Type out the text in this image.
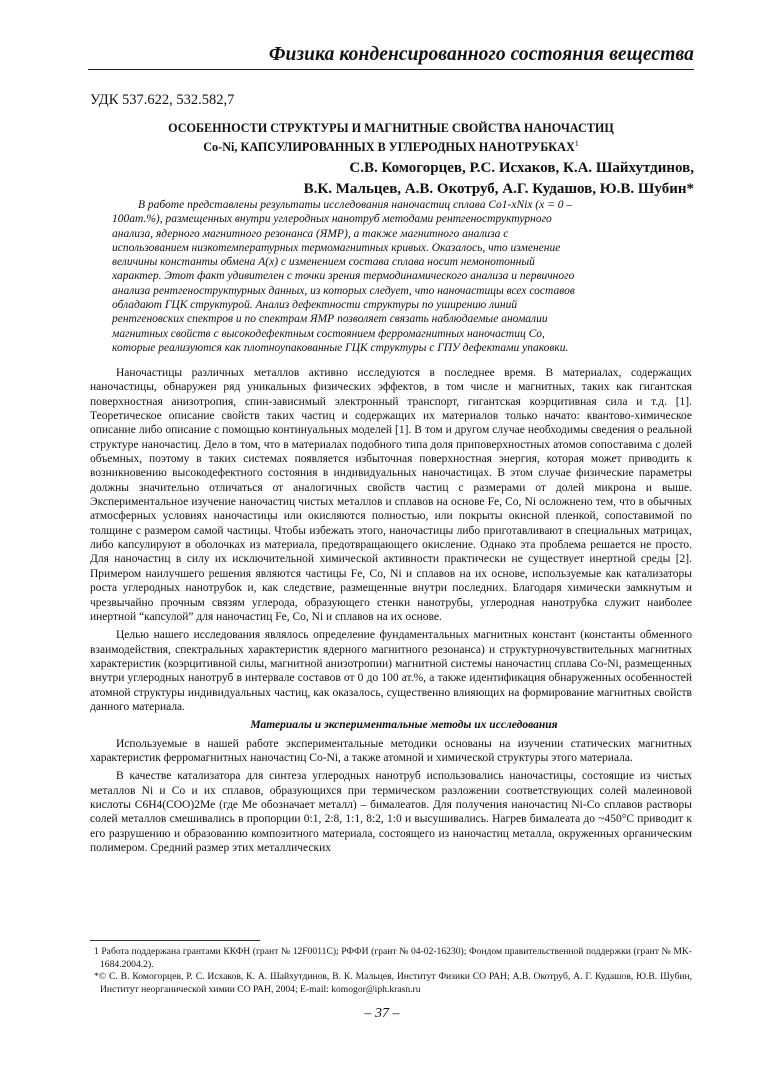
Физика конденсированного состояния вещества
УДК 537.622, 532.582,7
ОСОБЕННОСТИ СТРУКТУРЫ И МАГНИТНЫЕ СВОЙСТВА НАНОЧАСТИЦ
Co-Ni, КАПСУЛИРОВАННЫХ В УГЛЕРОДНЫХ НАНОТРУБКАХ$^1$
С.В. Комогорцев, Р.С. Исхаков, К.А. Шайхутдинов,
В.К. Мальцев, А.В. Окотруб, А.Г. Кудашов, Ю.В. Шубин*
В работе представлены результаты исследования наночастиц сплава Co1-xNix (x = 0 –
100ат.%), размещенных внутри углеродных нанотруб методами рентгеноструктурного
анализа, ядерного магнитного резонанса (ЯМР), а также магнитного анализа с
использованием низкотемпературных термомагнитных кривых. Оказалось, что изменение
величины константы обмена A(x) с изменением состава сплава носит немонотонный
характер. Этот факт удивителен с точки зрения термодинамического анализа и первичного
анализа рентгеноструктурных данных, из которых следует, что наночастицы всех составов
обладают ГЦК структурой. Анализ дефектности структуры по уширению линий
рентгеновских спектров и по спектрам ЯМР позволяет связать наблюдаемые аномалии
магнитных свойств с высокодефектным состоянием ферромагнитных наночастиц Co,
которые реализуются как плотноупакованные ГЦК структуры с ГПУ дефектами упаковки.

Наночастицы различных металлов активно исследуются в последнее время. В материалах, содержащих наночастицы, обнаружен ряд уникальных физических эффектов, в том числе и магнитных, таких как гигантская поверхностная анизотропия, спин-зависимый электронный транспорт, гигантская коэрцитивная сила и т.д. [1]. Теоретическое описание свойств таких частиц и содержащих их материалов только начато: квантово-химическое описание либо описание с помощью континуальных моделей [1]. В том и другом случае необходимы сведения о реальной структуре наночастиц. Дело в том, что в материалах подобного типа доля приповерхностных атомов сопоставима с долей объемных, поэтому в таких системах появляется избыточная поверхностная энергия, которая может приводить к возникновению высокодефектного состояния в индивидуальных наночастицах. В этом случае физические параметры должны значительно отличаться от аналогичных свойств частиц с размерами от долей микрона и выше. Экспериментальное изучение наночастиц чистых металлов и сплавов на основе Fe, Co, Ni осложнено тем, что в обычных атмосферных условиях наночастицы или окисляются полностью, или покрыты окисной пленкой, сопоставимой по толщине с размером самой частицы. Чтобы избежать этого, наночастицы либо приготавливают в специальных матрицах, либо капсулируют в оболочках из материала, предотвращающего окисление. Однако эта проблема решается не просто. Для наночастиц в силу их исключительной химической активности практически не существует инертной среды [2]. Примером наилучшего решения являются частицы Fe, Co, Ni и сплавов на их основе, используемые как катализаторы роста углеродных нанотрубок и, как следствие, размещенные внутри последних. Благодаря химически замкнутым и чрезвычайно прочным связям углерода, образующего стенки нанотрубы, углеродная нанотрубка служит наиболее инертной “капсулой” для наночастиц Fe, Co, Ni и сплавов на их основе.

Целью нашего исследования являлось определение фундаментальных магнитных констант (константы обменного взаимодействия, спектральных характеристик ядерного магнитного резонанса) и структурночувствительных магнитных характеристик (коэрцитивной силы, магнитной анизотропии) магнитной системы наночастиц сплава Co-Ni, размещенных внутри углеродных нанотруб в интервале составов от 0 до 100 ат.%, а также идентификация обнаруженных особенностей атомной структуры индивидуальных частиц, как оказалось, существенно влияющих на формирование магнитных свойств данного материала.

Материалы и экспериментальные методы их исследования

Используемые в нашей работе экспериментальные методики основаны на изучении статических магнитных характеристик ферромагнитных наночастиц Co-Ni, а также атомной и химической структуры этого материала.

В качестве катализатора для синтеза углеродных нанотруб использовались наночастицы, состоящие из чистых металлов Ni и Co и их сплавов, образующихся при термическом разложении соответствующих солей малеиновой кислоты C6H4(COO)2Me (где Me обозначает металл) – бималеатов. Для получения наночастиц Ni-Co сплавов растворы солей металлов смешивались в пропорции 0:1, 2:8, 1:1, 8:2, 1:0 и высушивались. Нагрев бималеата до ~450°C приводит к его разрушению и образованию композитного материала, состоящего из наночастиц металла, окруженных органическим полимером. Средний размер этих металлических

1 Работа поддержана грантами ККФН (грант № 12F0011C); РФФИ (грант № 04-02-16230); Фондом правительственной поддержки (грант № MK-1684.2004.2).

*© С. В. Комогорцев, Р. С. Исхаков, К. А. Шайхутдинов, В. К. Мальцев, Институт Физики СО РАН; А.В. Окотруб, А. Г. Кудашов, Ю.В. Шубин, Институт неорганической химии СО РАН, 2004; E-mail: komogor@iph.krasn.ru

– 37 –
